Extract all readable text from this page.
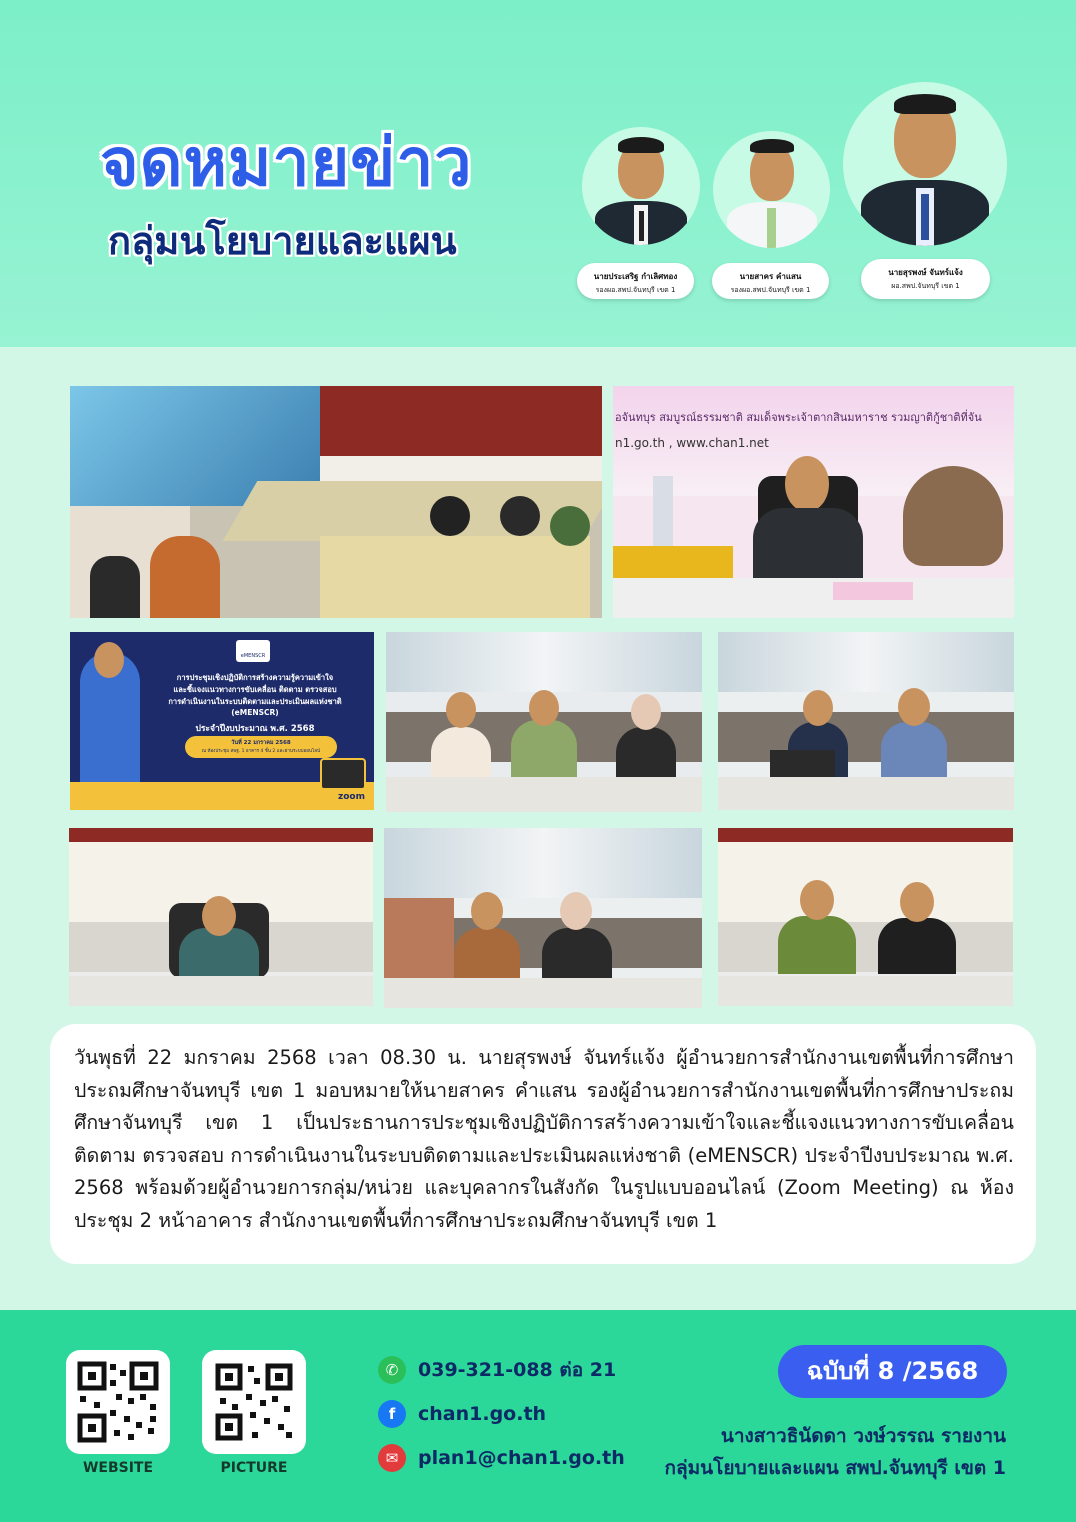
จดหมายข่าว
กลุ่มนโยบายและแผน
นายประเสริฐ กำเลิศทอง
รองผอ.สพป.จันทบุรี เขต 1
นายสาคร คำแสน
รองผอ.สพป.จันทบุรี เขต 1
นายสุรพงษ์ จันทร์แจ้ง
ผอ.สพป.จันทบุรี เขต 1
อจันทบุร สมบูรณ์ธรรมชาติ สมเด็จพระเจ้าตากสินมหาราช รวมญาติกู้ชาติที่จัน
n1.go.th , www.chan1.net
eMENSCR
การประชุมเชิงปฏิบัติการสร้างความรู้ความเข้าใจ
และชี้แจงแนวทางการขับเคลื่อน ติดตาม ตรวจสอบ
การดำเนินงานในระบบติดตามและประเมินผลแห่งชาติ
(eMENSCR)
ประจำปีงบประมาณ พ.ศ. 2568
วันที่ 22 มกราคม 2568
ณ ห้องประชุม สพฐ. 1 อาคาร 4 ชั้น 2 และผ่านระบบออนไลน์
zoom

วันพุธที่ 22 มกราคม 2568 เวลา 08.30 น. นายสุรพงษ์ จันทร์แจ้ง ผู้อำนวยการสำนักงานเขตพื้นที่การศึกษาประถมศึกษาจันทบุรี เขต 1 มอบหมายให้นายสาคร คำแสน รองผู้อำนวยการสำนักงานเขตพื้นที่การศึกษาประถมศึกษาจันทบุรี เขต 1 เป็นประธานการประชุมเชิงปฏิบัติการสร้างความเข้าใจและชี้แจงแนวทางการขับเคลื่อน ติดตาม ตรวจสอบ การดำเนินงานในระบบติดตามและประเมินผลแห่งชาติ (eMENSCR) ประจำปีงบประมาณ พ.ศ. 2568 พร้อมด้วยผู้อำนวยการกลุ่ม/หน่วย และบุคลากรในสังกัด ในรูปแบบออนไลน์ (Zoom Meeting) ณ ห้องประชุม 2 หน้าอาคาร สำนักงานเขตพื้นที่การศึกษาประถมศึกษาจันทบุรี เขต 1

WEBSITE	PICTURE
✆	039-321-088 ต่อ 21
f	chan1.go.th
✉	plan1@chan1.go.th
ฉบับที่ 8 /2568
นางสาวธินัดดา วงษ์วรรณ รายงาน
กลุ่มนโยบายและแผน สพป.จันทบุรี เขต 1
